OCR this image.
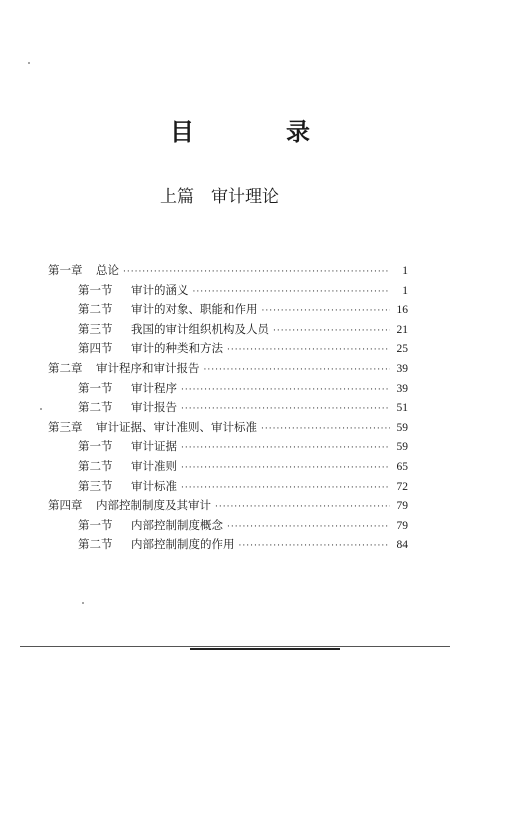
目	录
上篇　审计理论
第一章	总论 ·····	1
第一节	审计的涵义 ·····	1
第二节	审计的对象、职能和作用 ·····	16
第三节	我国的审计组织机构及人员 ·····	21
第四节	审计的种类和方法 ·····	25
第二章	审计程序和审计报告 ·····	39
第一节	审计程序 ·····	39
第二节	审计报告 ·····	51
第三章	审计证据、审计准则、审计标准 ·····	59
第一节	审计证据 ·····	59
第二节	审计准则 ·····	65
第三节	审计标准 ·····	72
第四章	内部控制制度及其审计 ·····	79
第一节	内部控制制度概念 ·····	79
第二节	内部控制制度的作用 ·····	84
